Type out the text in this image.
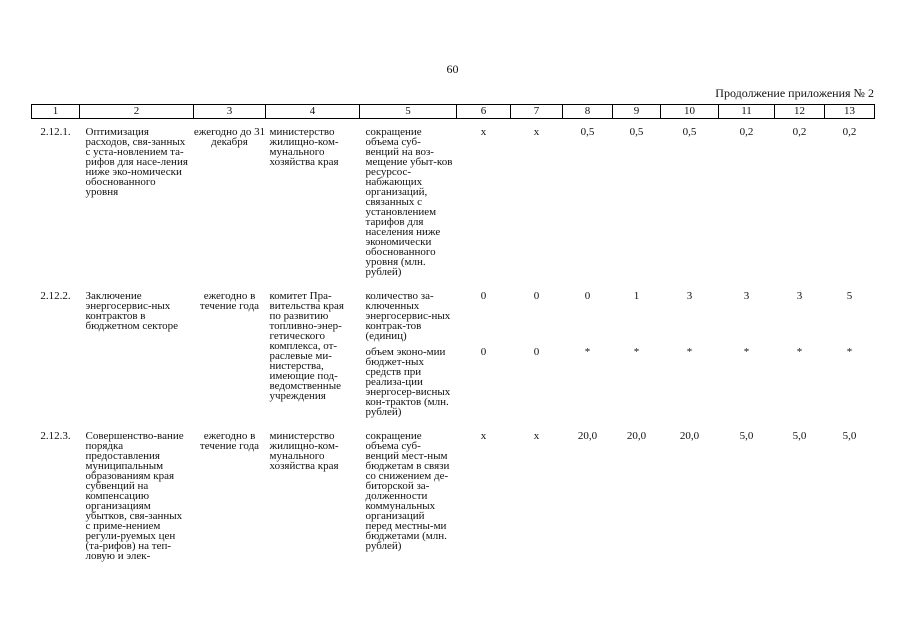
60
Продолжение приложения № 2
1	2	3	4	5	6	7	8	9	10	11	12	13
2.12.1.	Оптимизация расходов, свя-занных с уста-новлением та-рифов для насе-ления ниже эко-номически обоснованного уровня	ежегодно до 31 декабря	министерство жилищно-ком-мунального хозяйства края	сокращение объема суб-венций на воз-мещение убыт-ков ресурсос-набжающих организаций, связанных с установлением тарифов для населения ниже экономически обоснованного уровня (млн. рублей)	х	х	0,5	0,5	0,5	0,2	0,2	0,2
2.12.2.	Заключение энергосервис-ных контрактов в бюджетном секторе	ежегодно в течение года	комитет Пра-вительства края по развитию топливно-энер-гетического комплекса, от-раслевые ми-нистерства, имеющие под-ведомственные учреждения	количество за-ключенных энергосервис-ных контрак-тов (единиц)	0	0	0	1	3	3	3	5
				объем эконо-мии бюджет-ных средств при реализа-ции энергосер-висных кон-трактов (млн. рублей)	0	0	*	*	*	*	*	*
2.12.3.	Совершенство-вание порядка предоставления муниципальным образованиям края субвенций на компенсацию организациям убытков, свя-занных с приме-нением регули-руемых цен (та-рифов) на теп-ловую и элек-	ежегодно в течение года	министерство жилищно-ком-мунального хозяйства края	сокращение объема суб-венций мест-ным бюджетам в связи со снижением де-биторской за-долженности коммунальных организаций перед местны-ми бюджетами (млн. рублей)	х	х	20,0	20,0	20,0	5,0	5,0	5,0
